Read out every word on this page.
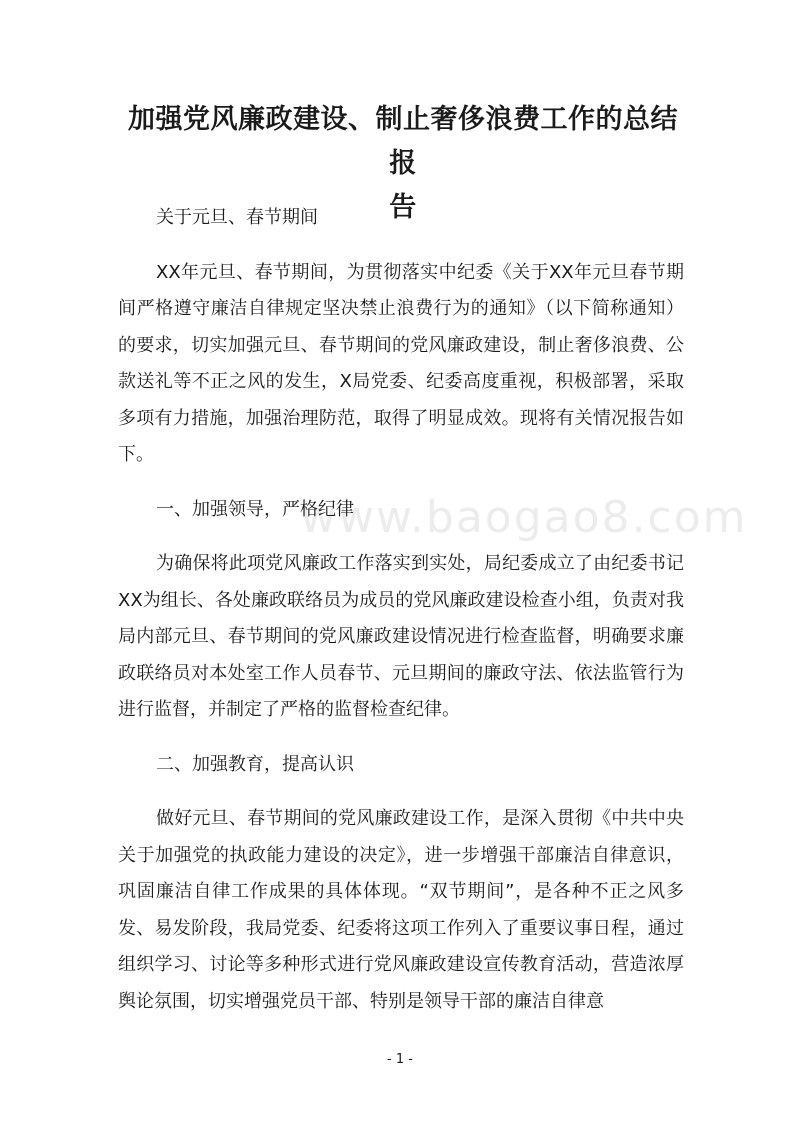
加强党风廉政建设、制止奢侈浪费工作的总结报
告
www.baogao8.com

关于元旦、春节期间

XX年元旦、春节期间，为贯彻落实中纪委《关于XX年元旦春节期间严格遵守廉洁自律规定坚决禁止浪费行为的通知》（以下简称通知）的要求，切实加强元旦、春节期间的党风廉政建设，制止奢侈浪费、公款送礼等不正之风的发生，X局党委、纪委高度重视，积极部署，采取多项有力措施，加强治理防范，取得了明显成效。现将有关情况报告如下。

一、加强领导，严格纪律

为确保将此项党风廉政工作落实到实处，局纪委成立了由纪委书记XX为组长、各处廉政联络员为成员的党风廉政建设检查小组，负责对我局内部元旦、春节期间的党风廉政建设情况进行检查监督，明确要求廉政联络员对本处室工作人员春节、元旦期间的廉政守法、依法监管行为进行监督，并制定了严格的监督检查纪律。

二、加强教育，提高认识

做好元旦、春节期间的党风廉政建设工作，是深入贯彻《中共中央关于加强党的执政能力建设的决定》，进一步增强干部廉洁自律意识，巩固廉洁自律工作成果的具体体现。“双节期间”，是各种不正之风多发、易发阶段，我局党委、纪委将这项工作列入了重要议事日程，通过组织学习、讨论等多种形式进行党风廉政建设宣传教育活动，营造浓厚舆论氛围，切实增强党员干部、特别是领导干部的廉洁自律意

- 1 -
